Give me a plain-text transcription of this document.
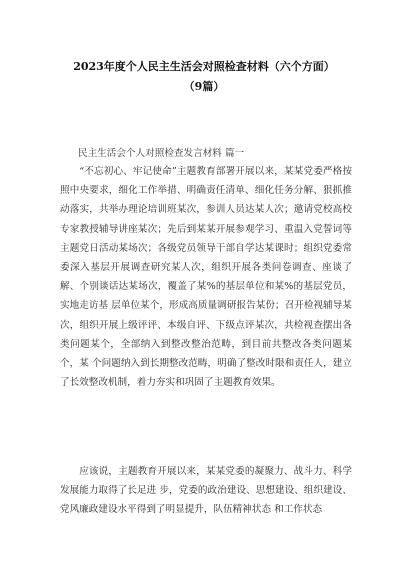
2023年度个人民主生活会对照检查材料（六个方面）
（9篇）
民主生活会个人对照检查发言材料 篇一

“不忘初心、牢记使命”主题教育部署开展以来，某某党委严格按照中央要求，细化工作举措、明确责任清单、细化任务分解、狠抓推动落实，共举办理论培训班某次，参训人员达某人次；邀请党校高校专家教授辅导讲座某次；先后到某某开展参观学习、重温入党誓词等主题党日活动某场次；各级党员领导干部自学达某课时；组织党委常委深入基层开展调查研究某人次，组织开展各类问卷调查、座谈了解、个别谈话达某场次，覆盖了某%的基层单位和某%的基层党员，实地走访基 层单位某个，形成高质量调研报告某份；召开检视辅导某次，组织开展上级评评、本级自评、下级点评某次，共检视查摆出各类问题某个，全部纳入到整改整治范畴，到目前共整改各类问题某个，某 个问题纳入到长期整改范畴，明确了整改时限和责任人，建立了长效整改机制，着力夯实和巩固了主题教育效果。

应该说，主题教育开展以来，某某党委的凝聚力、战斗力、科学发展能力取得了长足进 步，党委的政治建设、思想建设、组织建设、党风廉政建设水平得到了明显提升，队伍精神状态 和工作状态
